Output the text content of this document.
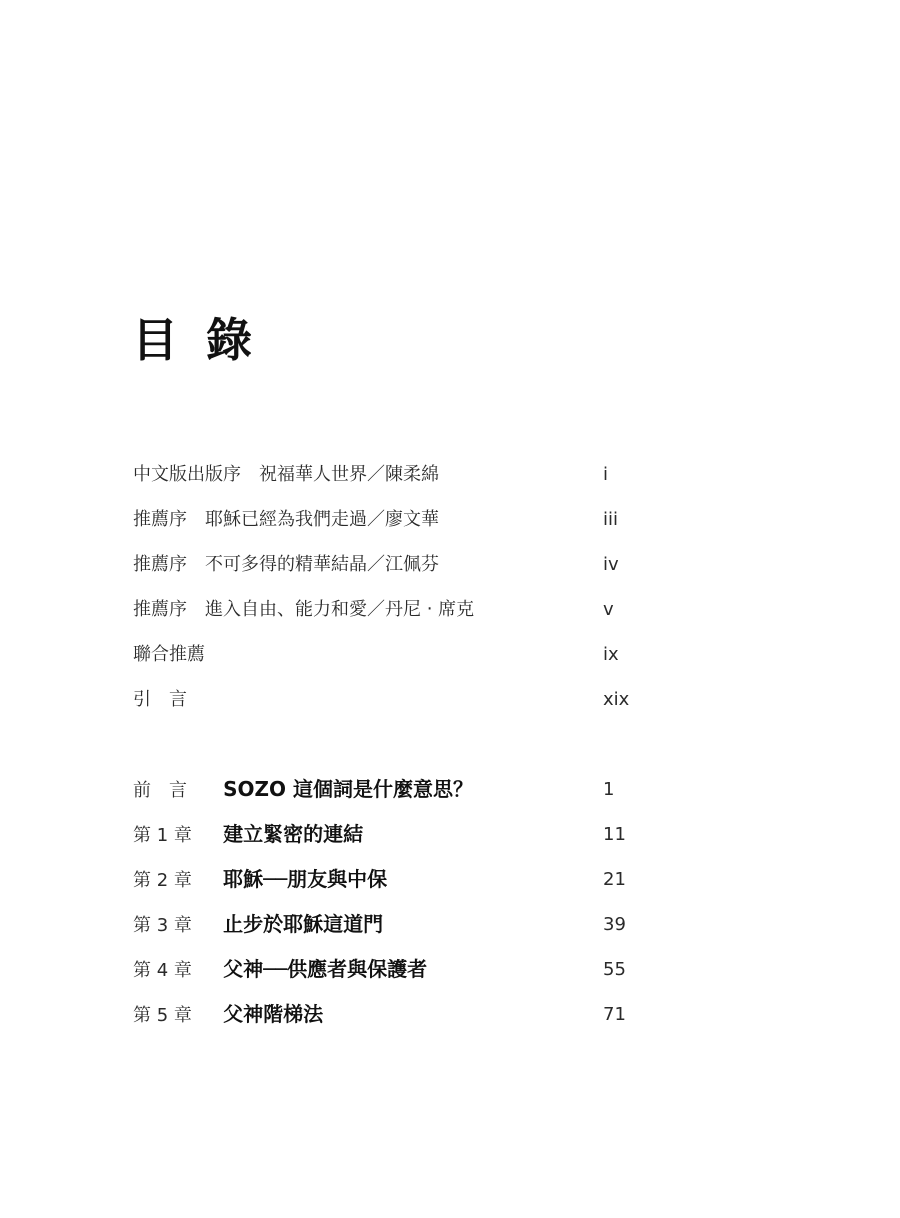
目 錄
中文版出版序　祝福華人世界／陳柔綿	i
推薦序　耶穌已經為我們走過／廖文華	iii
推薦序　不可多得的精華結晶／江佩芬	iv
推薦序　進入自由、能力和愛／丹尼 ‧ 席克	v
聯合推薦	ix
引　言	xix
前　言 SOZO 這個詞是什麼意思？	1
第 1 章 建立緊密的連結	11
第 2 章 耶穌──朋友與中保	21
第 3 章 止步於耶穌這道門	39
第 4 章 父神──供應者與保護者	55
第 5 章 父神階梯法	71
